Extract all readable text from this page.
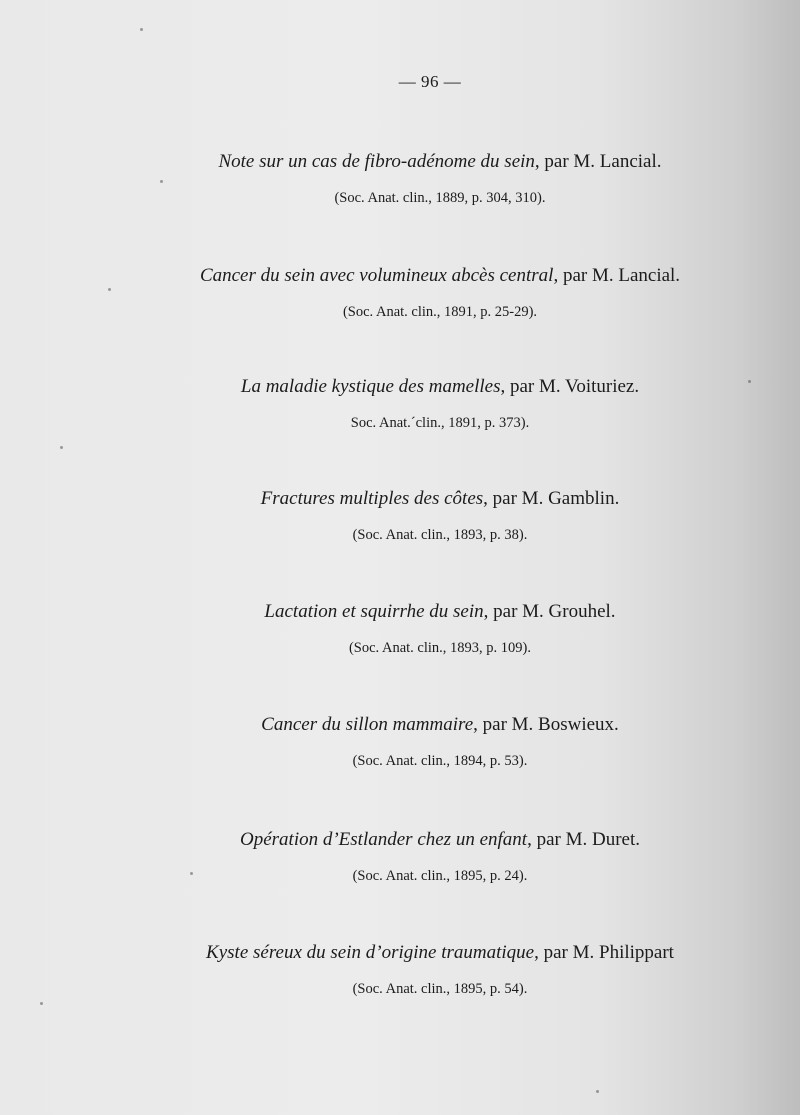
— 96 —
Note sur un cas de fibro-adénome du sein, par M. Lancial.
(Soc. Anat. clin., 1889, p. 304, 310).
Cancer du sein avec volumineux abcès central, par M. Lancial.
(Soc. Anat. clin., 1891, p. 25-29).
La maladie kystique des mamelles, par M. Voituriez.
Soc. Anat.´clin., 1891, p. 373).
Fractures multiples des côtes, par M. Gamblin.
(Soc. Anat. clin., 1893, p. 38).
Lactation et squirrhe du sein, par M. Grouhel.
(Soc. Anat. clin., 1893, p. 109).
Cancer du sillon mammaire, par M. Boswieux.
(Soc. Anat. clin., 1894, p. 53).
Opération d’Estlander chez un enfant, par M. Duret.
(Soc. Anat. clin., 1895, p. 24).
Kyste séreux du sein d’origine traumatique, par M. Philippart
(Soc. Anat. clin., 1895, p. 54).
